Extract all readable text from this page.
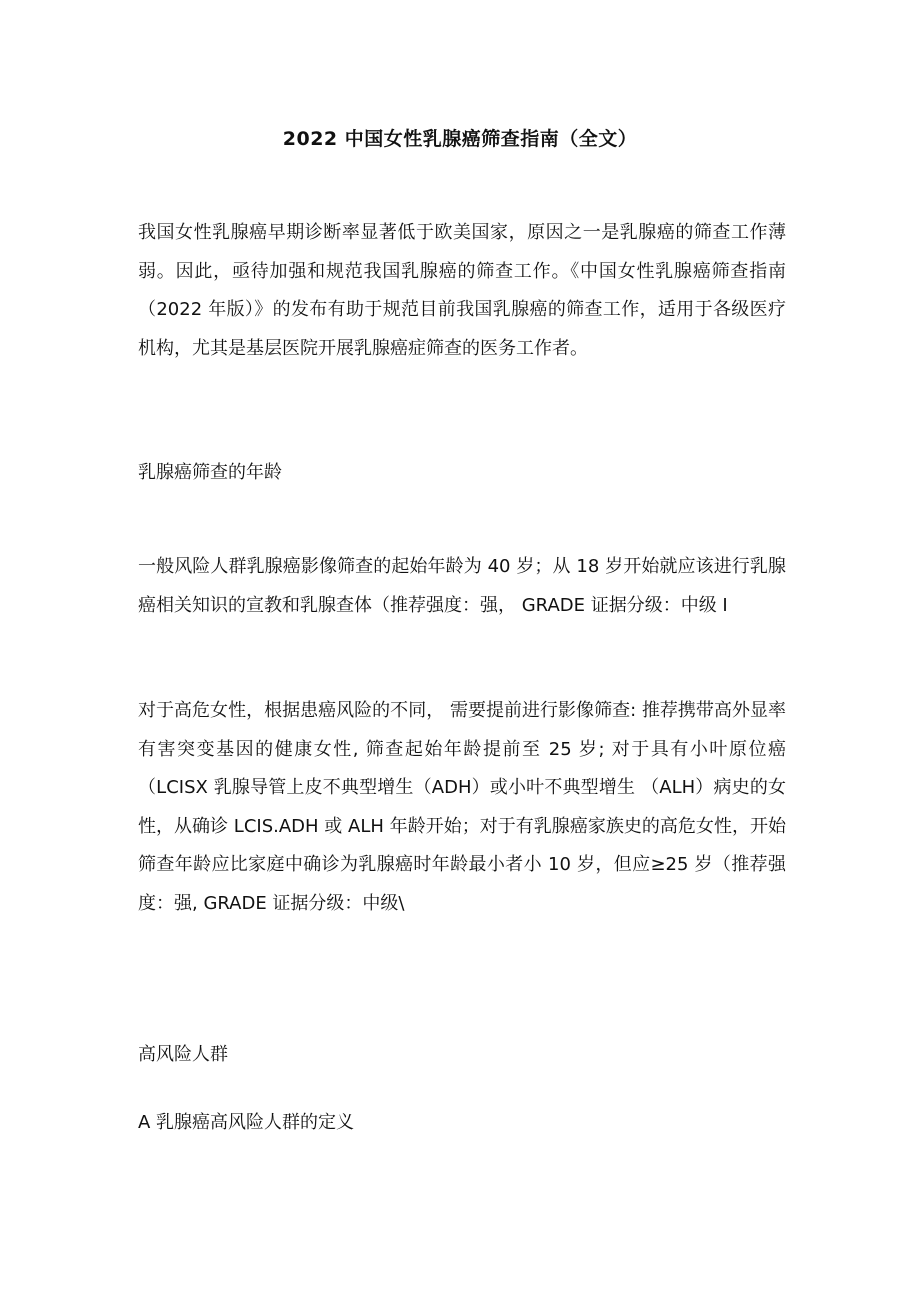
2022 中国女性乳腺癌筛查指南（全文）

我国女性乳腺癌早期诊断率显著低于欧美国家，原因之一是乳腺癌的筛查工作薄弱。因此，亟待加强和规范我国乳腺癌的筛查工作。《中国女性乳腺癌筛查指南（2022 年版）》的发布有助于规范目前我国乳腺癌的筛查工作，适用于各级医疗机构，尤其是基层医院开展乳腺癌症筛查的医务工作者。

乳腺癌筛查的年龄

一般风险人群乳腺癌影像筛查的起始年龄为 40 岁；从 18 岁开始就应该进行乳腺癌相关知识的宣教和乳腺查体（推荐强度：强， GRADE 证据分级：中级 I

对于高危女性，根据患癌风险的不同， 需要提前进行影像筛查: 推荐携带高外显率有害突变基因的健康女性, 筛查起始年龄提前至 25 岁; 对于具有小叶原位癌（LCISX 乳腺导管上皮不典型增生（ADH）或小叶不典型增生 （ALH）病史的女性，从确诊 LCIS.ADH 或 ALH 年龄开始；对于有乳腺癌家族史的高危女性，开始筛查年龄应比家庭中确诊为乳腺癌时年龄最小者小 10 岁，但应≥25 岁（推荐强度：强, GRADE 证据分级：中级\

高风险人群
A 乳腺癌高风险人群的定义
